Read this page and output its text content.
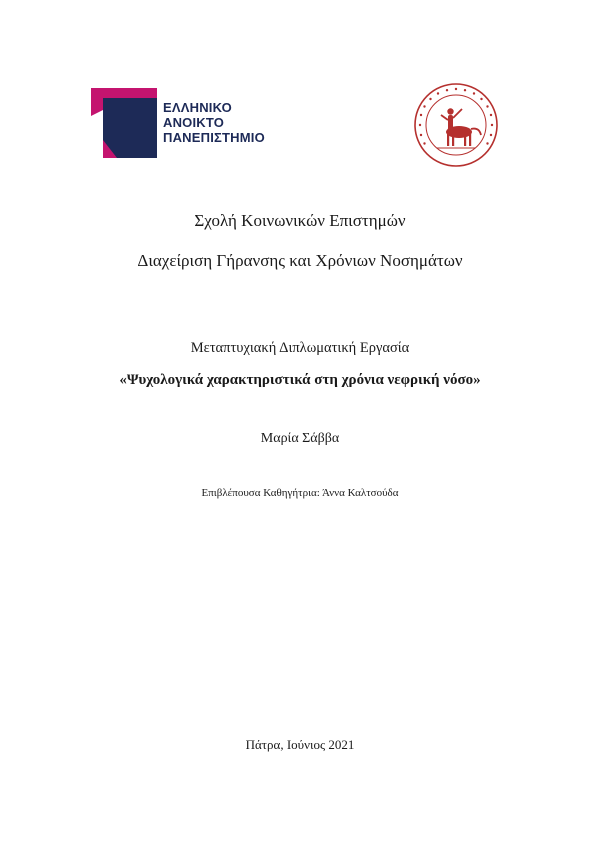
ΕΛΛΗΝΙΚΟ
ΑΝΟΙΚΤΟ
ΠΑΝΕΠΙΣΤΗΜΙΟ
Σχολή Κοινωνικών Επιστημών
Διαχείριση Γήρανσης και Χρόνιων Νοσημάτων
Μεταπτυχιακή Διπλωματική Εργασία
«Ψυχολογικά χαρακτηριστικά στη χρόνια νεφρική νόσο»
Μαρία Σάββα
Επιβλέπουσα Καθηγήτρια: Άννα Καλτσούδα
Πάτρα, Ιούνιος 2021
